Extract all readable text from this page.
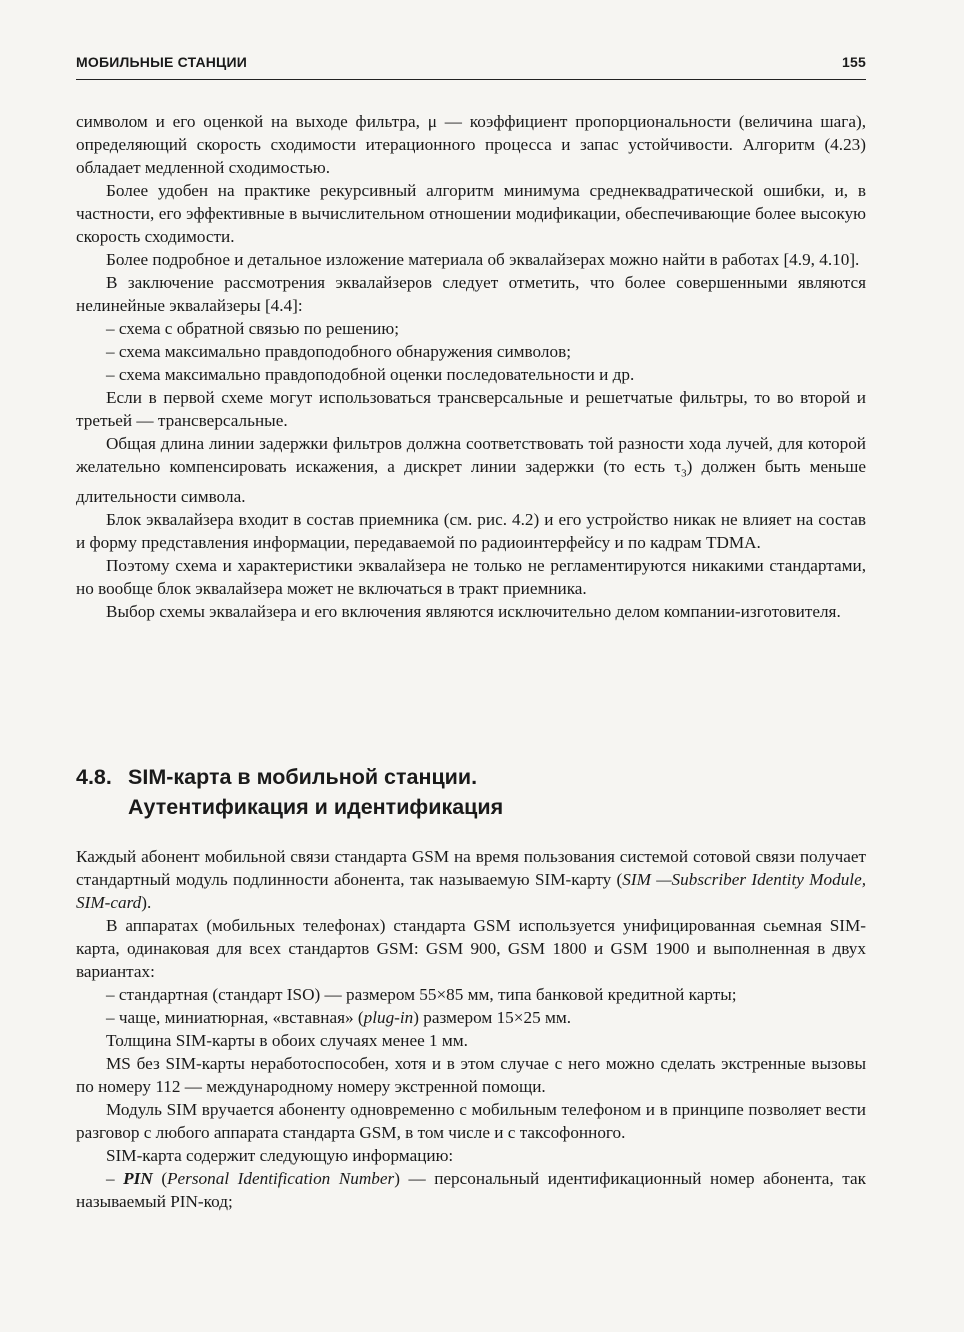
МОБИЛЬНЫЕ СТАНЦИИ	155

символом и его оценкой на выходе фильтра, μ — коэффициент пропорциональности (величина шага), определяющий скорость сходимости итерационного процесса и запас устойчивости. Алгоритм (4.23) обладает медленной сходимостью.

Более удобен на практике рекурсивный алгоритм минимума среднеквадратической ошибки, и, в частности, его эффективные в вычислительном отношении модификации, обеспечивающие более высокую скорость сходимости.

Более подробное и детальное изложение материала об эквалайзерах можно найти в работах [4.9, 4.10].

В заключение рассмотрения эквалайзеров следует отметить, что более совершенными являются нелинейные эквалайзеры [4.4]:

– схема с обратной связью по решению;
– схема максимально правдоподобного обнаружения символов;
– схема максимально правдоподобной оценки последовательности и др.

Если в первой схеме могут использоваться трансверсальные и решетчатые фильтры, то во второй и третьей — трансверсальные.

Общая длина линии задержки фильтров должна соответствовать той разности хода лучей, для которой желательно компенсировать искажения, а дискрет линии задержки (то есть $\tau_3$) должен быть меньше длительности символа.

Блок эквалайзера входит в состав приемника (см. рис. 4.2) и его устройство никак не влияет на состав и форму представления информации, передаваемой по радиоинтерфейсу и по кадрам TDMA.

Поэтому схема и характеристики эквалайзера не только не регламентируются никакими стандартами, но вообще блок эквалайзера может не включаться в тракт приемника.

Выбор схемы эквалайзера и его включения являются исключительно делом компании-изготовителя.

4.8. SIM-карта в мобильной станции.
Аутентификация и идентификация

Каждый абонент мобильной связи стандарта GSM на время пользования системой сотовой связи получает стандартный модуль подлинности абонента, так называемую SIM-карту (SIM —Subscriber Identity Module, SIM-card).

В аппаратах (мобильных телефонах) стандарта GSM используется унифицированная сьемная SIM-карта, одинаковая для всех стандартов GSM: GSM 900, GSM 1800 и GSM 1900 и выполненная в двух вариантах:

– стандартная (стандарт ISO) — размером 55×85 мм, типа банковой кредитной карты;
– чаще, миниатюрная, «вставная» (plug-in) размером 15×25 мм.

Толщина SIM-карты в обоих случаях менее 1 мм.

MS без SIM-карты неработоспособен, хотя и в этом случае с него можно сделать экстренные вызовы по номеру 112 — международному номеру экстренной помощи.

Модуль SIM вручается абоненту одновременно с мобильным телефоном и в принципе позволяет вести разговор с любого аппарата стандарта GSM, в том числе и с таксофонного.

SIM-карта содержит следующую информацию:

– PIN (Personal Identification Number) — персональный идентификационный номер абонента, так называемый PIN-код;
